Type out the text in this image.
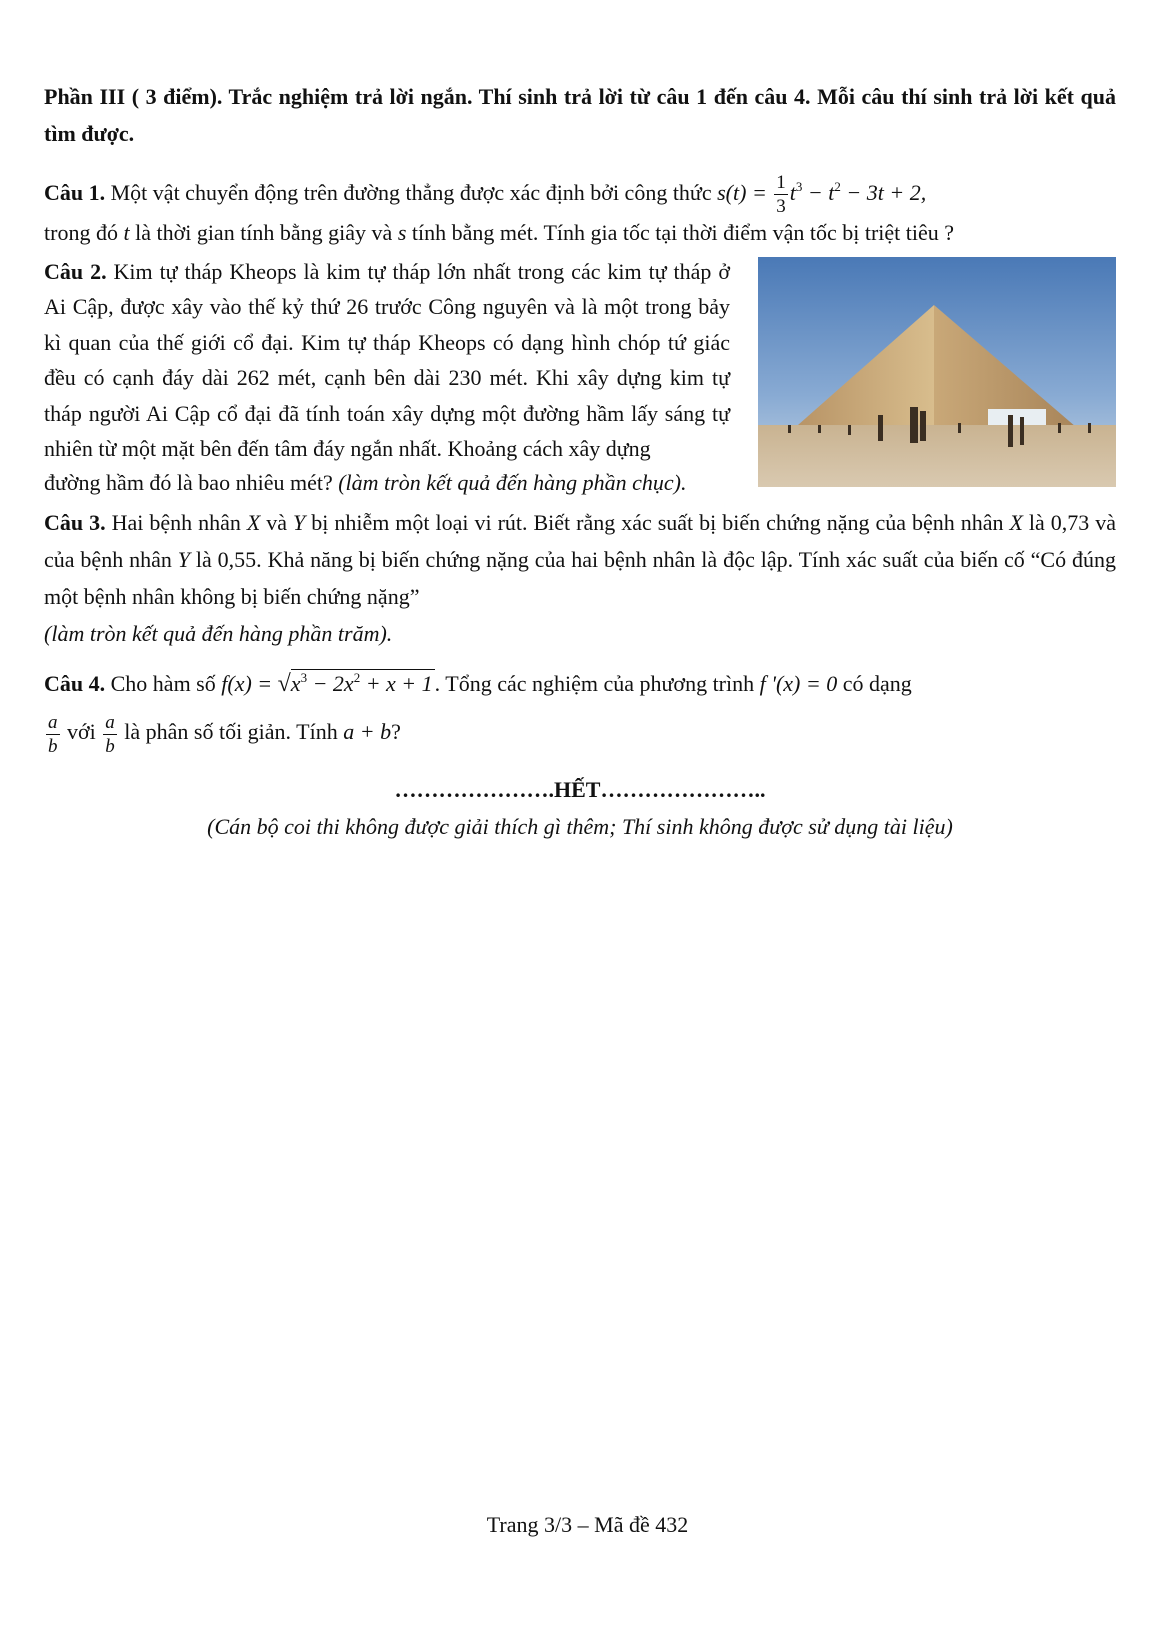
Phần III ( 3 điểm). Trắc nghiệm trả lời ngắn. Thí sinh trả lời từ câu 1 đến câu 4. Mỗi câu thí sinh trả lời kết quả tìm được.

Câu 1. Một vật chuyển động trên đường thẳng được xác định bởi công thức $s(t) = \frac{1}{3} t^3 - t^2 - 3t + 2$,

trong đó t là thời gian tính bằng giây và s tính bằng mét. Tính gia tốc tại thời điểm vận tốc bị triệt tiêu ?

Câu 2. Kim tự tháp Kheops là kim tự tháp lớn nhất trong các kim tự tháp ở Ai Cập, được xây vào thế kỷ thứ 26 trước Công nguyên và là một trong bảy kì quan của thế giới cổ đại. Kim tự tháp Kheops có dạng hình chóp tứ giác đều có cạnh đáy dài 262 mét, cạnh bên dài 230 mét. Khi xây dựng kim tự tháp người Ai Cập cổ đại đã tính toán xây dựng một đường hầm lấy sáng tự nhiên từ một mặt bên đến tâm đáy ngắn nhất. Khoảng cách xây dựng

đường hầm đó là bao nhiêu mét? (làm tròn kết quả đến hàng phần chục).

Câu 3. Hai bệnh nhân X và Y bị nhiễm một loại vi rút. Biết rằng xác suất bị biến chứng nặng của bệnh nhân X là 0,73 và của bệnh nhân Y là 0,55. Khả năng bị biến chứng nặng của hai bệnh nhân là độc lập. Tính xác suất của biến cố “Có đúng một bệnh nhân không bị biến chứng nặng”

(làm tròn kết quả đến hàng phần trăm).

Câu 4. Cho hàm số $f(x) = √x^3 - 2x^2 + x + 1$. Tổng các nghiệm của phương trình f '(x) = 0 có dạng

$\frac{a}{b}$ với $\frac{a}{b}$ là phân số tối giản. Tính a + b?

………………….HẾT…………………..

(Cán bộ coi thi không được giải thích gì thêm; Thí sinh không được sử dụng tài liệu)

Trang 3/3 – Mã đề 432
